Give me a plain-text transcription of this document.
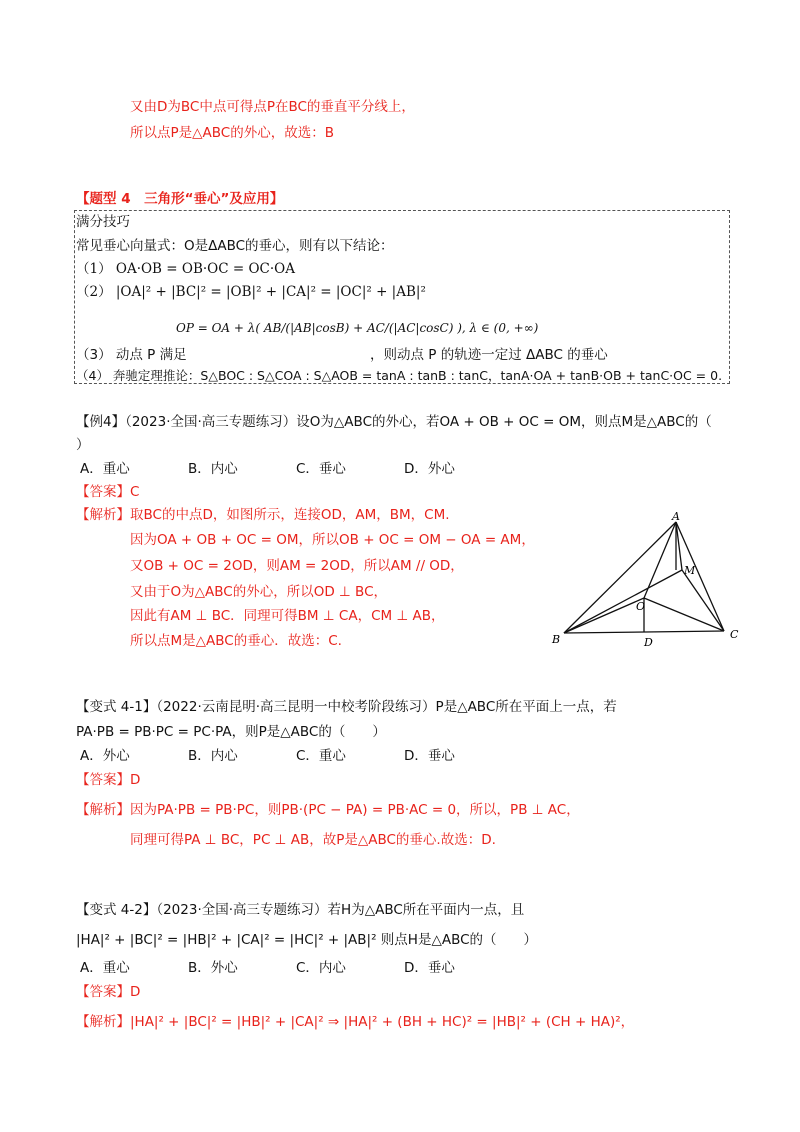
又由D为BC中点可得点P在BC的垂直平分线上，
所以点P是△ABC的外心，故选：B
【题型 4　三角形“垂心”及应用】
满分技巧
常见垂心向量式：O是ΔABC的垂心，则有以下结论：
（1） OA·OB = OB·OC = OC·OA
（2） |OA|² + |BC|² = |OB|² + |CA|² = |OC|² + |AB|²
OP = OA + λ( AB/(|AB|cosB) + AC/(|AC|cosC) ), λ ∈ (0, +∞)
（3） 动点 P 满足	，则动点 P 的轨迹一定过 ΔABC 的垂心
（4） 奔驰定理推论：S△BOC : S△COA : S△AOB = tanA : tanB : tanC，tanA·OA + tanB·OB + tanC·OC = 0.
【例4】（2023·全国·高三专题练习）设O为△ABC的外心，若OA + OB + OC = OM，则点M是△ABC的（
）
A．重心	B．内心	C．垂心	D．外心
【答案】C
【解析】取BC的中点D，如图所示，连接OD，AM，BM，CM.
因为OA + OB + OC = OM，所以OB + OC = OM − OA = AM，
又OB + OC = 2OD，则AM = 2OD，所以AM // OD，
又由于O为△ABC的外心，所以OD ⊥ BC，
因此有AM ⊥ BC．同理可得BM ⊥ CA，CM ⊥ AB，
所以点M是△ABC的垂心．故选：C.
A
B	C
D
O
M
【变式 4-1】（2022·云南昆明·高三昆明一中校考阶段练习）P是△ABC所在平面上一点，若
PA·PB = PB·PC = PC·PA，则P是△ABC的（　　）
A．外心	B．内心	C．重心	D．垂心
【答案】D
【解析】因为PA·PB = PB·PC，则PB·(PC − PA) = PB·AC = 0，所以，PB ⊥ AC，
同理可得PA ⊥ BC，PC ⊥ AB，故P是△ABC的垂心.故选：D.
【变式 4-2】（2023·全国·高三专题练习）若H为△ABC所在平面内一点，且
|HA|² + |BC|² = |HB|² + |CA|² = |HC|² + |AB|² 则点H是△ABC的（　　）
A．重心	B．外心	C．内心	D．垂心
【答案】D
【解析】|HA|² + |BC|² = |HB|² + |CA|² ⇒ |HA|² + (BH + HC)² = |HB|² + (CH + HA)²，
